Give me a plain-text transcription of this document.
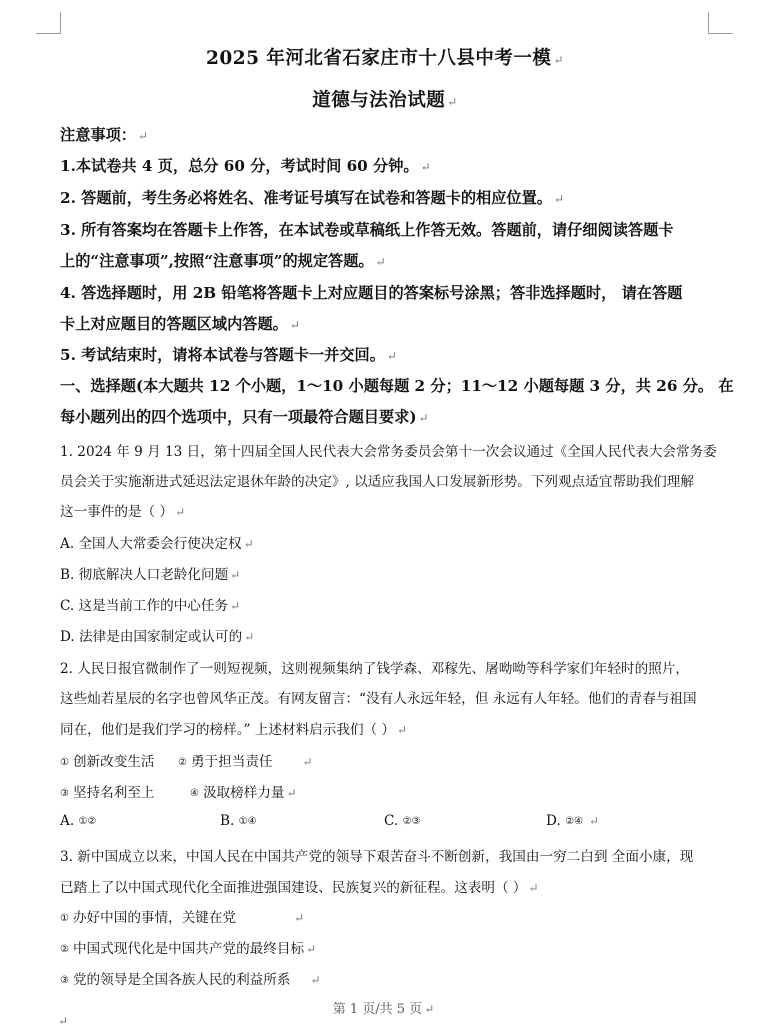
2025 年河北省石家庄市十八县中考一模 ↵
道德与法治试题 ↵
注意事项： ↵
1.本试卷共 4 页，总分 60 分，考试时间 60 分钟。 ↵
2. 答题前，考生务必将姓名、准考证号填写在试卷和答题卡的相应位置。 ↵
3. 所有答案均在答题卡上作答，在本试卷或草稿纸上作答无效。答题前，请仔细阅读答题卡
上的“注意事项”,按照“注意事项”的规定答题。 ↵
4. 答选择题时，用 2B 铅笔将答题卡上对应题目的答案标号涂黑；答非选择题时， 请在答题
卡上对应题目的答题区域内答题。 ↵
5. 考试结束时，请将本试卷与答题卡一并交回。 ↵
一、选择题(本大题共 12 个小题，1～10 小题每题 2 分；11～12 小题每题 3 分，共 26 分。 在
每小题列出的四个选项中，只有一项最符合题目要求) ↵
1. 2024 年 9 月 13 日，第十四届全国人民代表大会常务委员会第十一次会议通过《全国人民代表大会常务委
员会关于实施渐进式延迟法定退休年龄的决定》, 以适应我国人口发展新形势。下列观点适宜帮助我们理解
这一事件的是（ ） ↵
A. 全国人大常委会行使决定权 ↵
B. 彻底解决人口老龄化问题 ↵
C. 这是当前工作的中心任务 ↵
D. 法律是由国家制定或认可的 ↵
2. 人民日报官微制作了一则短视频，这则视频集纳了钱学森、邓稼先、屠呦呦等科学家们年轻时的照片，
这些灿若星辰的名字也曾风华正茂。有网友留言：“没有人永远年轻，但 永远有人年轻。他们的青春与祖国
同在，他们是我们学习的榜样。” 上述材料启示我们（ ） ↵
① 创新改变生活 ② 勇于担当责任	↵
③ 坚持名利至上	④ 汲取榜样力量 ↵
A. ①②	B. ①④	C. ②③	D. ②④ ↵
3. 新中国成立以来，中国人民在中国共产党的领导下艰苦奋斗不断创新，我国由一穷二白到 全面小康，现
已踏上了以中国式现代化全面推进强国建设、民族复兴的新征程。这表明（ ） ↵
① 办好中国的事情，关键在党	↵
② 中国式现代化是中国共产党的最终目标 ↵
③ 党的领导是全国各族人民的利益所系 ↵
第 1 页/共 5 页 ↵
↵
